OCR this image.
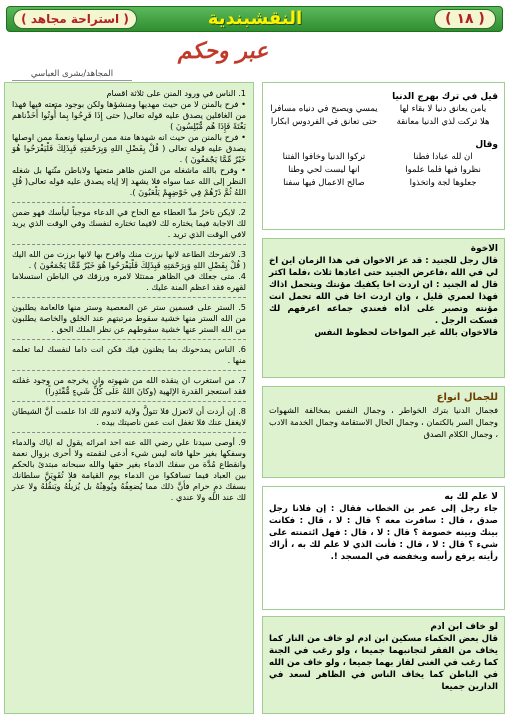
( ١٨ )
النقشبندية
( استراحة مجاهد )
عبر وحكم
المجاهد/بشرى العباسي

قيل في ترك بهرج الدنيا

يامن يعانق دنيا لا بقاء لها
يمسي ويصبح في دنياه مسافرا
هلا تركت لذي الدنيا معانقة
حتى تعانق في الفردوس ابكارا

وقال

ان لله عبادا فطنا
تركوا الدنيا وخافوا الفتنا
نظروا فيها فلما علموا
انها ليست لحي وطنا
جعلوها لجة واتخذوا
صالح الاعمال فيها سفنا

الاخوة

قال رجل للجنيد : قد عز الاخوان في هذا الزمان اين اخ لي في الله ،فاعرض الجنيد حتى اعادها ثلاث ،فلما اكثر قال له الجنيد : ان اردت اخا يكفيك مؤنتك ويتحمل اذاك فهذا لعمري قليل ، وان اردت اخا في الله تحمل انت مؤنته وتصبر على اذاه فعندي جماعه اعرفهم لك فسكت الرجل .

فالاخوان بالله غير المواخات لحظوظ النفس

للجمال انواع

فجمال الدنيا بترك الخواطر ، وجمال النفس بمخالفة الشهوات وجمال السر بالكتمان ، وجمال الحال الاستقامة وجمال الخدمة الادب ، وجمال الكلام الصدق

لا علم لك به

جاء رجل إلى عمر بن الخطاب فقال : إن فلانا رجل صدق ، قال : سافرت معه ؟ قال : لا ، قال : فكانت بينك وبينه خصومة ؟ قال : لا ، قال : فهل ائتمنته على شيء ؟ قال : لا ، قال : فأنت الذي لا علم لك به ، أراك رأيته يرفع رأسه ويخفضه في المسجد !.

لو خاف ابن ادم

قال بعض الحكماء مسكين ابن ادم لو خاف من النار كما يخاف من الفقر لتجانبهما جميعا ، ولو رغب في الجنة كما رغب في الغنى لفاز بهما جميعا ، ولو خاف من الله في الباطن كما يخاف الناس في الظاهر لسعد في الدارين جميعا

1. الناس في ورود المنن على ثلاثة اقسام

• فرح بالمنن لا من حيث مهديها ومنشؤها ولكن بوجود متعته فيها فهذا من الغافلين يصدق عليه قوله تعالى( حتى إِذَا فَرِحُوا بِما أُوتُوا أَخَذْناهم بَغْتَةً فَإِذَا هُم مُّبْلِسُونَ )

• فرح بالمنن من حيث انه شهدها منة ممن ارسلها ونعمةً ممن اوصلها يصدق عليه قوله تعالى ( قُلْ بِفَضْلِ اللهِ وَبِرَحْمَتِهِ فَبِذَلِكَ فَلْيَفْرَحُوا هُوَ خَيْرٌ مِّمَّا يَجْمَعُونَ ) .

• وفرح بالله ماشغله من المنن ظاهر متعتها ولاباطن منّتها بل شغله النظر إلى الله عما سواه فلا يشهد إلا إياه يصدق عليه قوله تعالى( قُلِ اللهُ ثُمَّ ذَرْهُمْ فِي خَوْضِهِمْ يَلْعَبُونَ ).

2. لايكن تاخرُ مدِّ العطاء مع الحاح في الدعاء موجباً ليأسك فهو ضمن لك الاجابة فيما يختاره لك لافيما تختاره لنفسك وفي الوقت الذي يريد لافي الوقت الذي تريد .

3. لاتفرحك الطاعة لانها برزت منك وافرح بها لانها برزت من الله اليك ( قُلْ بِفَضْلِ اللهِ وَبِرَحْمَتِهِ فَبِذَلِكَ فَلْيَفْرَحُوا هُوَ خَيْرٌ مِّمَّا يَجْمَعُونَ ) .

4. متى جعلك في الظاهر ممتثلا لامره ورزقك في الباطن استسلاما لقهره فقد اعظم المنة عليك .

5. الستر على قسمين ستر عن المعصية وستر منها فالعامة يطلبون من الله الستر منها خشية سقوط مرتبتهم عند الخلق والخاصة يطلبون من الله الستر عنها خشية سقوطهم عن نظر الملك الحق .

6. الناس يمدحونك بما يظنون فيك فكن انت ذاما لنفسك لما تعلمه منها .

7. من استغرب ان ينقذه الله من شهوته وان يخرجه من وجود غفلته فقد استعجز القدرة الإلهية (وكانَ اللهُ عَلَى كُلِّ شَيءٍ مُّقْتَدِراً)

8. إن أردت أن لاتعزل فلا تتولَّ ولاية لاتدوم لك اذا علمت أنَّ الشيطان لايغفل عنك فلا تغفل انت عمن ناصيتك بيده .

9. أوصى سيدنا علي رضي الله عنه احد امرائه يقول له اياك والدماء وسفكها بغير حلها فانه ليس شيء أدعى لنقمته ولا أحرى بزوال نعمة وانقطاع مُدَّة من سفك الدماء بغير حقها والله سبحانه مبتدئ بالحكم بين العباد فيما تسافكوا من الدماء يوم القيامة فلا تُقَوِيَنَّ سلطانك بسفك دمٍ حرام فأنَّ ذلك مما يُضعِفُهُ ويُوهِنُهُ بل يُزيلُهُ ويَنقُلُهُ ولا عذر لك عند الله ولا عندي .
